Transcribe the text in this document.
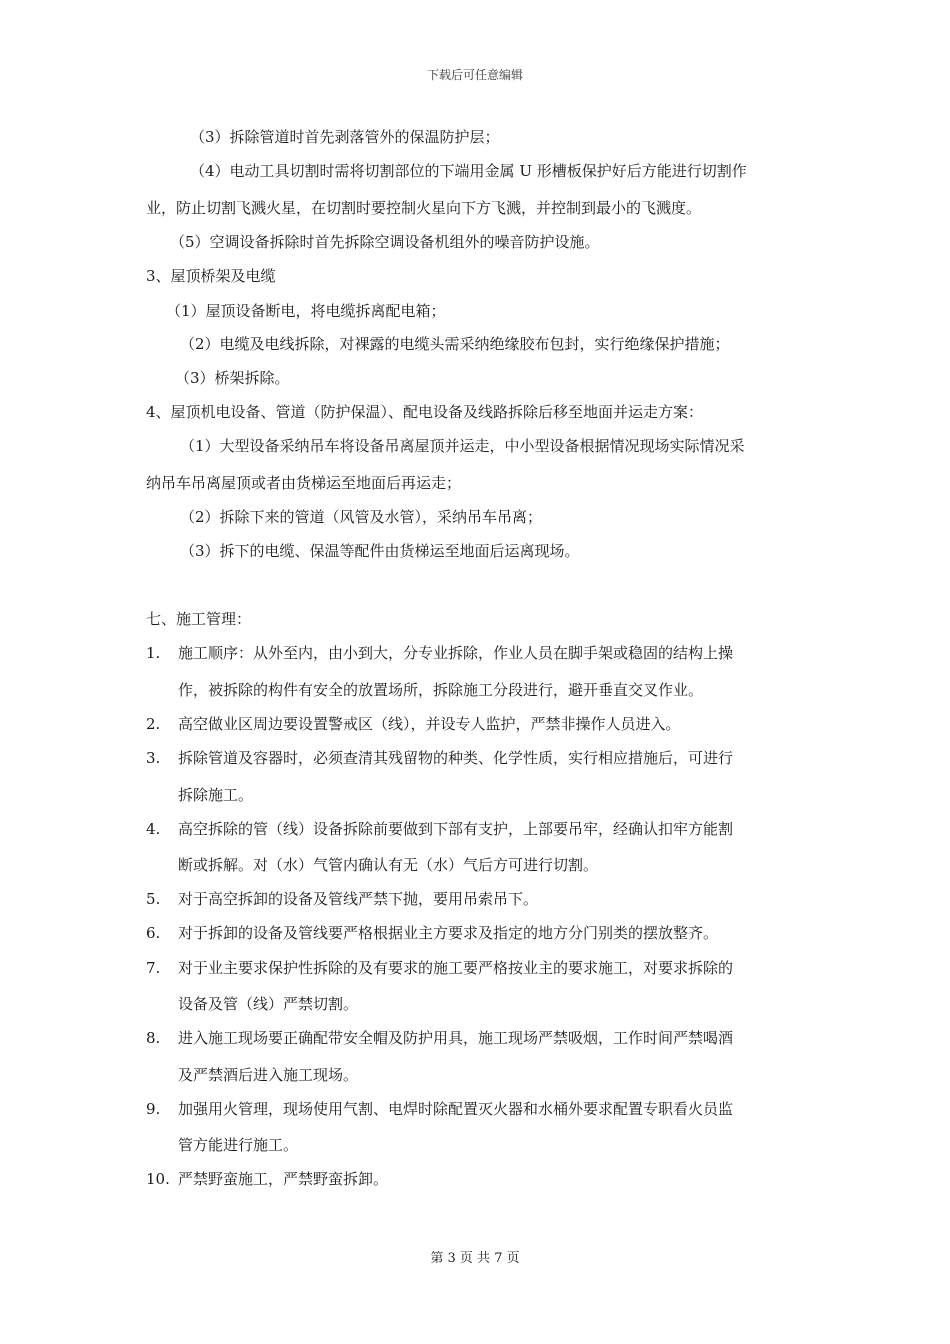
下载后可任意编辑
（3）拆除管道时首先剥落管外的保温防护层；
（4）电动工具切割时需将切割部位的下端用金属 U 形槽板保护好后方能进行切割作
业，防止切割飞溅火星，在切割时要控制火星向下方飞溅，并控制到最小的飞溅度。
（5）空调设备拆除时首先拆除空调设备机组外的噪音防护设施。
3、屋顶桥架及电缆
（1）屋顶设备断电，将电缆拆离配电箱；
（2）电缆及电线拆除，对裸露的电缆头需采纳绝缘胶布包封，实行绝缘保护措施；
（3）桥架拆除。
4、屋顶机电设备、管道（防护保温）、配电设备及线路拆除后移至地面并运走方案：
（1）大型设备采纳吊车将设备吊离屋顶并运走，中小型设备根据情况现场实际情况采
纳吊车吊离屋顶或者由货梯运至地面后再运走；
（2）拆除下来的管道（风管及水管），采纳吊车吊离；
（3）拆下的电缆、保温等配件由货梯运至地面后运离现场。
七、施工管理：
1. 施工顺序：从外至内，由小到大，分专业拆除，作业人员在脚手架或稳固的结构上操
作，被拆除的构件有安全的放置场所，拆除施工分段进行，避开垂直交叉作业。
2. 高空做业区周边要设置警戒区（线），并设专人监护，严禁非操作人员进入。
3. 拆除管道及容器时，必须查清其残留物的种类、化学性质，实行相应措施后，可进行
拆除施工。
4. 高空拆除的管（线）设备拆除前要做到下部有支护，上部要吊牢，经确认扣牢方能割
断或拆解。对（水）气管内确认有无（水）气后方可进行切割。
5. 对于高空拆卸的设备及管线严禁下抛，要用吊索吊下。
6. 对于拆卸的设备及管线要严格根据业主方要求及指定的地方分门别类的摆放整齐。
7. 对于业主要求保护性拆除的及有要求的施工要严格按业主的要求施工，对要求拆除的
设备及管（线）严禁切割。
8. 进入施工现场要正确配带安全帽及防护用具，施工现场严禁吸烟，工作时间严禁喝酒
及严禁酒后进入施工现场。
9. 加强用火管理，现场使用气割、电焊时除配置灭火器和水桶外要求配置专职看火员监
管方能进行施工。
10. 严禁野蛮施工，严禁野蛮拆卸。
第 3 页 共 7 页
